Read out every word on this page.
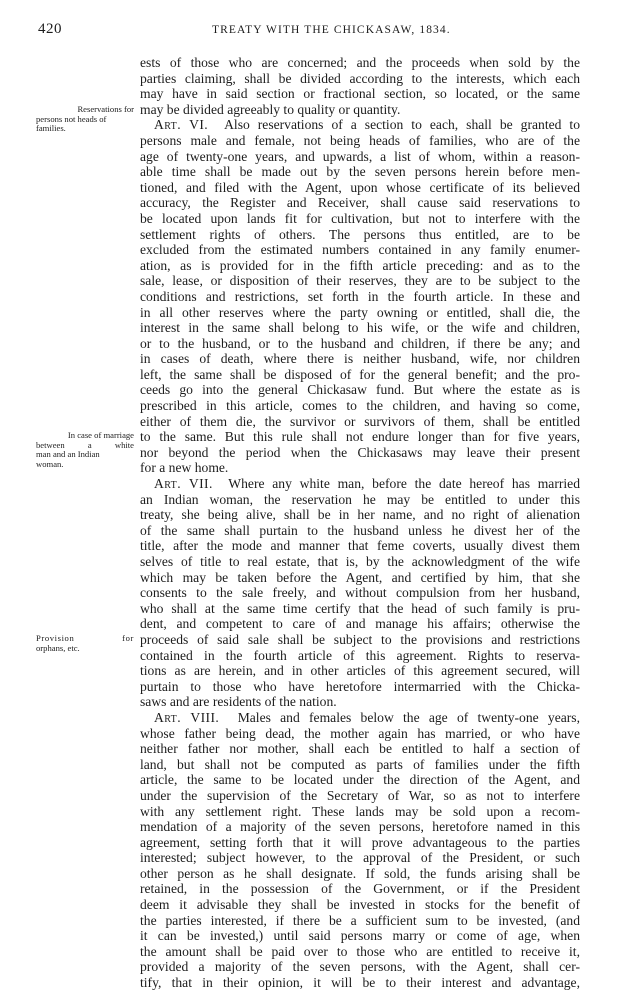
420	TREATY WITH THE CHICKASAW, 1834.
Reservations for
persons not heads of
families.
In case of marriage
between a white
man and an Indian
woman.
Provision for
orphans, etc.
ests of those who are concerned; and the proceeds when sold by the
parties claiming, shall be divided according to the interests, which each
may have in said section or fractional section, so located, or the same
may be divided agreeably to quality or quantity.
Art. VI. Also reservations of a section to each, shall be granted to
persons male and female, not being heads of families, who are of the
age of twenty-one years, and upwards, a list of whom, within a reason-
able time shall be made out by the seven persons herein before men-
tioned, and filed with the Agent, upon whose certificate of its believed
accuracy, the Register and Receiver, shall cause said reservations to
be located upon lands fit for cultivation, but not to interfere with the
settlement rights of others. The persons thus entitled, are to be
excluded from the estimated numbers contained in any family enumer-
ation, as is provided for in the fifth article preceding: and as to the
sale, lease, or disposition of their reserves, they are to be subject to the
conditions and restrictions, set forth in the fourth article. In these and
in all other reserves where the party owning or entitled, shall die, the
interest in the same shall belong to his wife, or the wife and children,
or to the husband, or to the husband and children, if there be any; and
in cases of death, where there is neither husband, wife, nor children
left, the same shall be disposed of for the general benefit; and the pro-
ceeds go into the general Chickasaw fund. But where the estate as is
prescribed in this article, comes to the children, and having so come,
either of them die, the survivor or survivors of them, shall be entitled
to the same. But this rule shall not endure longer than for five years,
nor beyond the period when the Chickasaws may leave their present
for a new home.
Art. VII. Where any white man, before the date hereof has married
an Indian woman, the reservation he may be entitled to under this
treaty, she being alive, shall be in her name, and no right of alienation
of the same shall purtain to the husband unless he divest her of the
title, after the mode and manner that feme coverts, usually divest them
selves of title to real estate, that is, by the acknowledgment of the wife
which may be taken before the Agent, and certified by him, that she
consents to the sale freely, and without compulsion from her husband,
who shall at the same time certify that the head of such family is pru-
dent, and competent to care of and manage his affairs; otherwise the
proceeds of said sale shall be subject to the provisions and restrictions
contained in the fourth article of this agreement. Rights to reserva-
tions as are herein, and in other articles of this agreement secured, will
purtain to those who have heretofore intermarried with the Chicka-
saws and are residents of the nation.
Art. VIII. Males and females below the age of twenty-one years,
whose father being dead, the mother again has married, or who have
neither father nor mother, shall each be entitled to half a section of
land, but shall not be computed as parts of families under the fifth
article, the same to be located under the direction of the Agent, and
under the supervision of the Secretary of War, so as not to interfere
with any settlement right. These lands may be sold upon a recom-
mendation of a majority of the seven persons, heretofore named in this
agreement, setting forth that it will prove advantageous to the parties
interested; subject however, to the approval of the President, or such
other person as he shall designate. If sold, the funds arising shall be
retained, in the possession of the Government, or if the President
deem it advisable they shall be invested in stocks for the benefit of
the parties interested, if there be a sufficient sum to be invested, (and
it can be invested,) until said persons marry or come of age, when
the amount shall be paid over to those who are entitled to receive it,
provided a majority of the seven persons, with the Agent, shall cer-
tify, that in their opinion, it will be to their interest and advantage,
